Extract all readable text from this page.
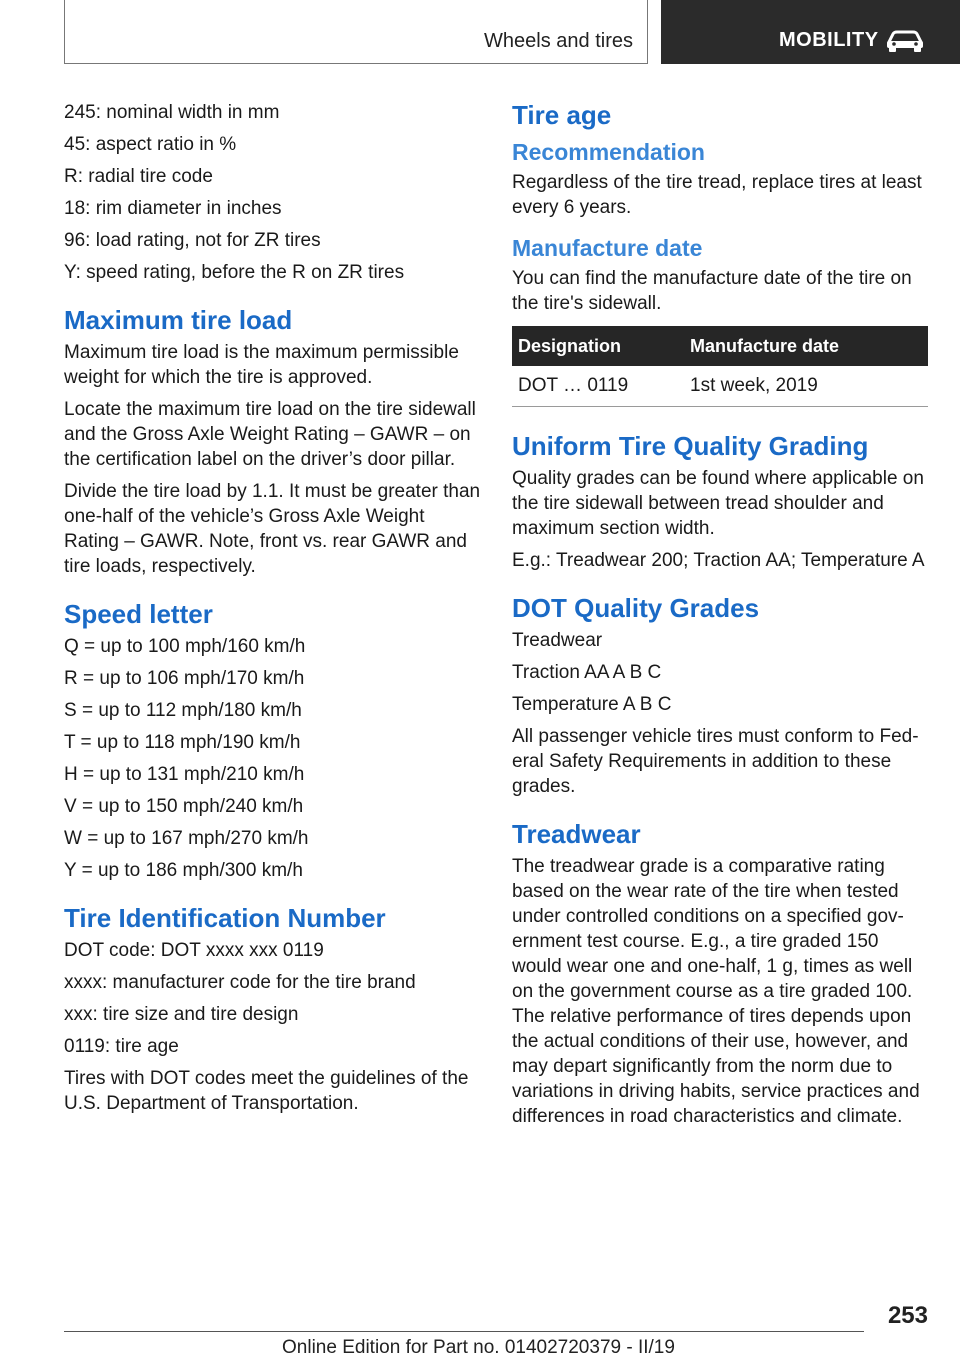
Wheels and tires	MOBILITY

245: nominal width in mm

45: aspect ratio in %

R: radial tire code

18: rim diameter in inches

96: load rating, not for ZR tires

Y: speed rating, before the R on ZR tires

Maximum tire load

Maximum tire load is the maximum permissible weight for which the tire is approved.

Locate the maximum tire load on the tire sidewall and the Gross Axle Weight Rating – GAWR – on the certification label on the driver’s door pillar.

Divide the tire load by 1.1. It must be greater than one-half of the vehicle’s Gross Axle Weight Rating – GAWR. Note, front vs. rear GAWR and tire loads, respectively.

Speed letter

Q = up to 100 mph/160 km/h

R = up to 106 mph/170 km/h

S = up to 112 mph/180 km/h

T = up to 118 mph/190 km/h

H = up to 131 mph/210 km/h

V = up to 150 mph/240 km/h

W = up to 167 mph/270 km/h

Y = up to 186 mph/300 km/h

Tire Identification Number

DOT code: DOT xxxx xxx 0119

xxxx: manufacturer code for the tire brand

xxx: tire size and tire design

0119: tire age

Tires with DOT codes meet the guidelines of the U.S. Department of Transportation.

Tire age
Recommendation

Regardless of the tire tread, replace tires at least every 6 years.

Manufacture date

You can find the manufacture date of the tire on the tire's sidewall.

Designation	Manufacture date
DOT … 0119	1st week, 2019
Uniform Tire Quality Grading

Quality grades can be found where applicable on the tire sidewall between tread shoulder and maximum section width.

E.g.: Treadwear 200; Traction AA; Temperature A

DOT Quality Grades

Treadwear

Traction AA A B C

Temperature A B C

All passenger vehicle tires must conform to Fed-eral Safety Requirements in addition to these grades.

Treadwear

The treadwear grade is a comparative rating based on the wear rate of the tire when tested under controlled conditions on a specified gov-ernment test course. E.g., a tire graded 150 would wear one and one-half, 1 g, times as well on the government course as a tire graded 100. The relative performance of tires depends upon the actual conditions of their use, however, and may depart significantly from the norm due to variations in driving habits, service practices and differences in road characteristics and climate.

253
Online Edition for Part no. 01402720379 - II/19
